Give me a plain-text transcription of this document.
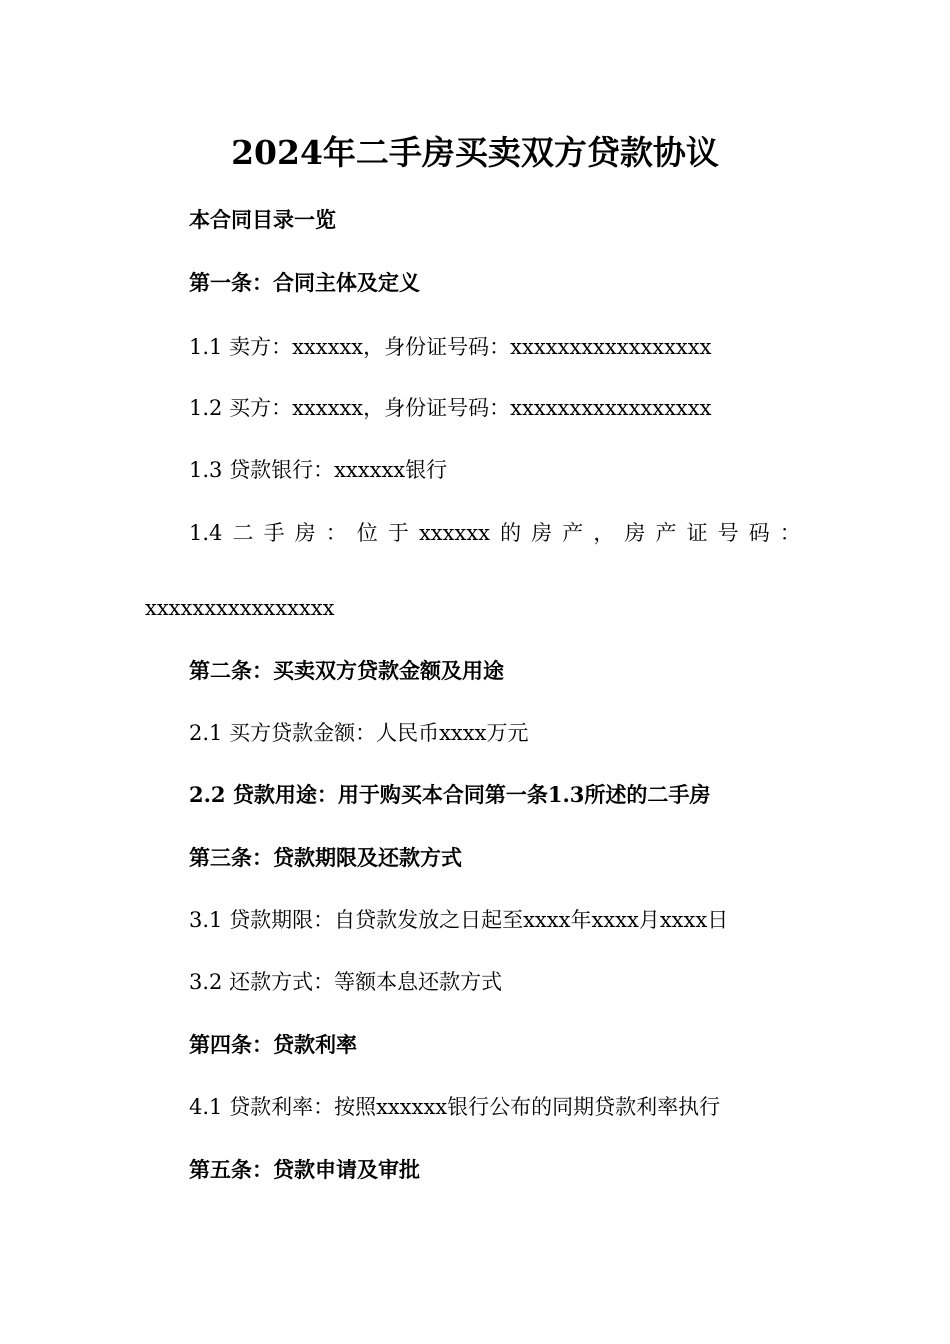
2024年二手房买卖双方贷款协议

本合同目录一览

第一条：合同主体及定义

1.1 卖方：xxxxxx，身份证号码：xxxxxxxxxxxxxxxxx

1.2 买方：xxxxxx，身份证号码：xxxxxxxxxxxxxxxxx

1.3 贷款银行：xxxxxx银行

1.4 二 手 房 ： 位 于 xxxxxx 的 房 产 ， 房 产 证 号 码 ：

xxxxxxxxxxxxxxxx

第二条：买卖双方贷款金额及用途

2.1 买方贷款金额：人民币xxxx万元

2.2 贷款用途：用于购买本合同第一条1.3所述的二手房

第三条：贷款期限及还款方式

3.1 贷款期限：自贷款发放之日起至xxxx年xxxx月xxxx日

3.2 还款方式：等额本息还款方式

第四条：贷款利率

4.1 贷款利率：按照xxxxxx银行公布的同期贷款利率执行

第五条：贷款申请及审批
